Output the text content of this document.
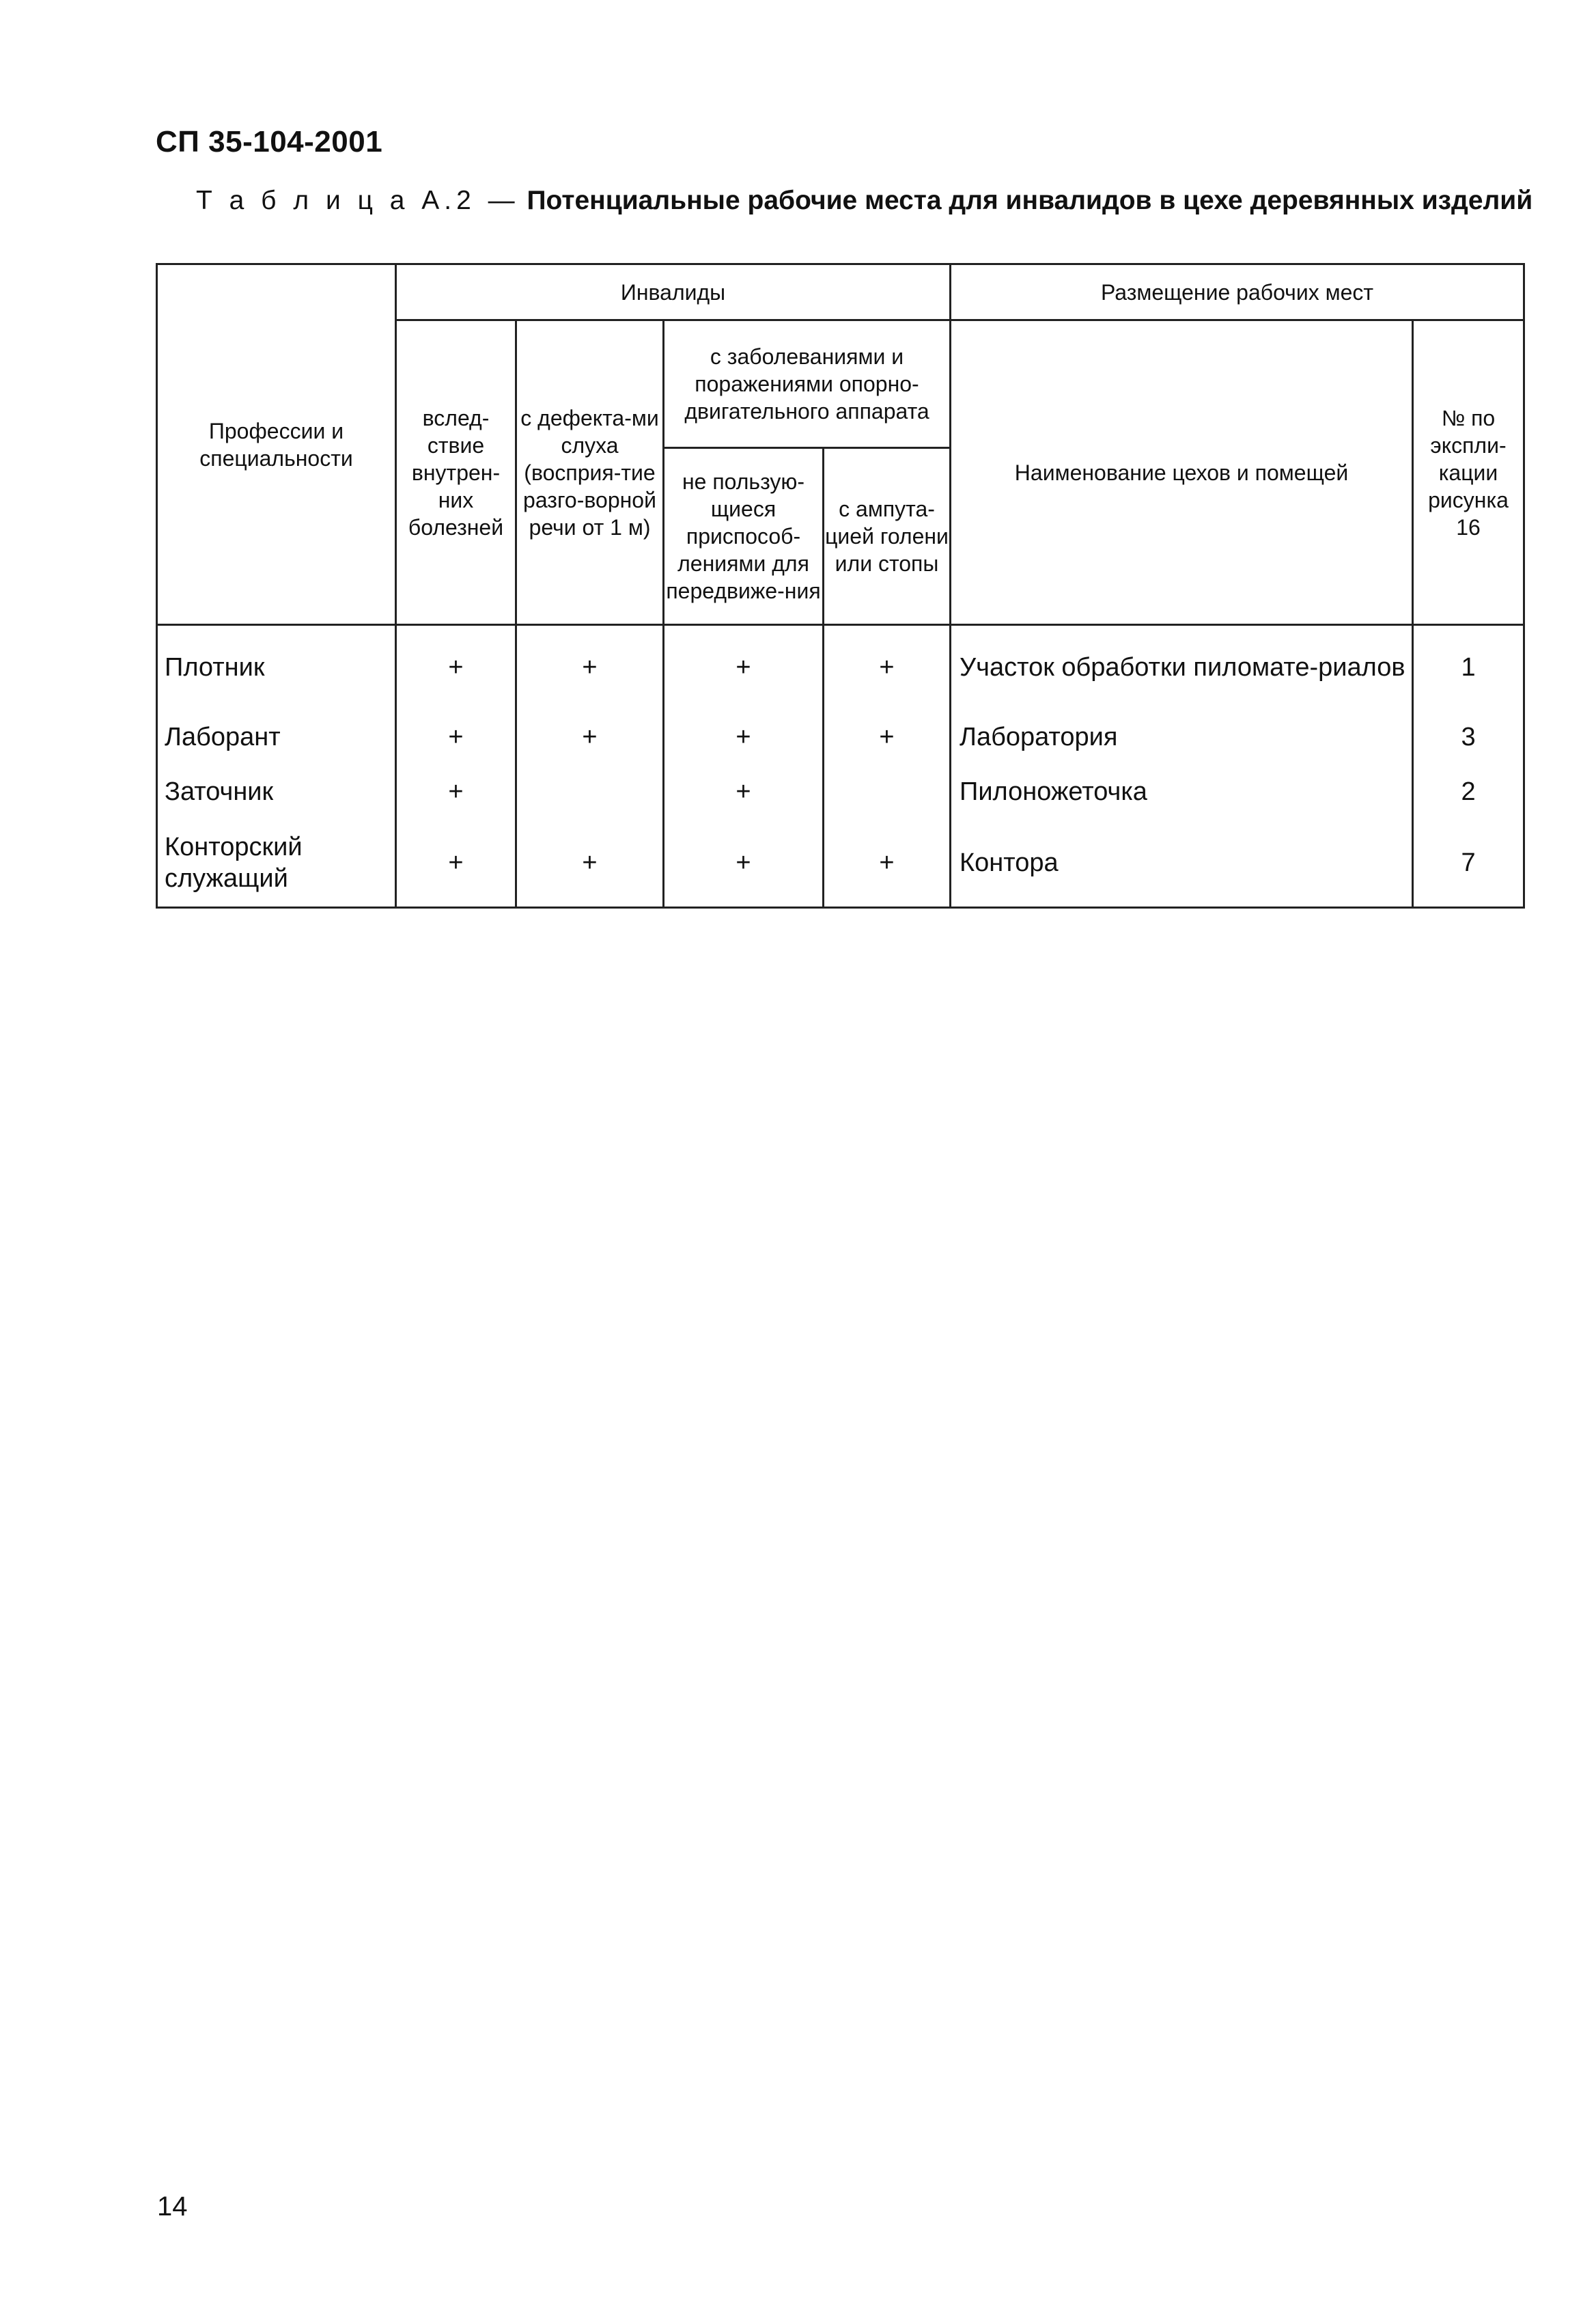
СП 35-104-2001
Т а б л и ц а А.2 — Потенциальные рабочие места для инвалидов в цехе деревянных изделий
Профессии и специальности	Инвалиды				Размещение рабочих мест	
	вслед-ствие внутрен-них болезней	с дефекта-ми слуха (восприя-тие разго-ворной речи от 1 м)	с заболеваниями и поражениями опорно-двигательного аппарата		Наименование цехов и помещей	№ по экспли-кации рисунка 16
			не пользую-щиеся приспособ-лениями для передвиже-ния	с ампута-цией голени или стопы		
Плотник	+	+	+	+	Участок обработки пиломате-риалов	1
Лаборант	+	+	+	+	Лаборатория	3
Заточник	+		+		Пилоножеточка	2
Конторский служащий	+	+	+	+	Контора	7
14
